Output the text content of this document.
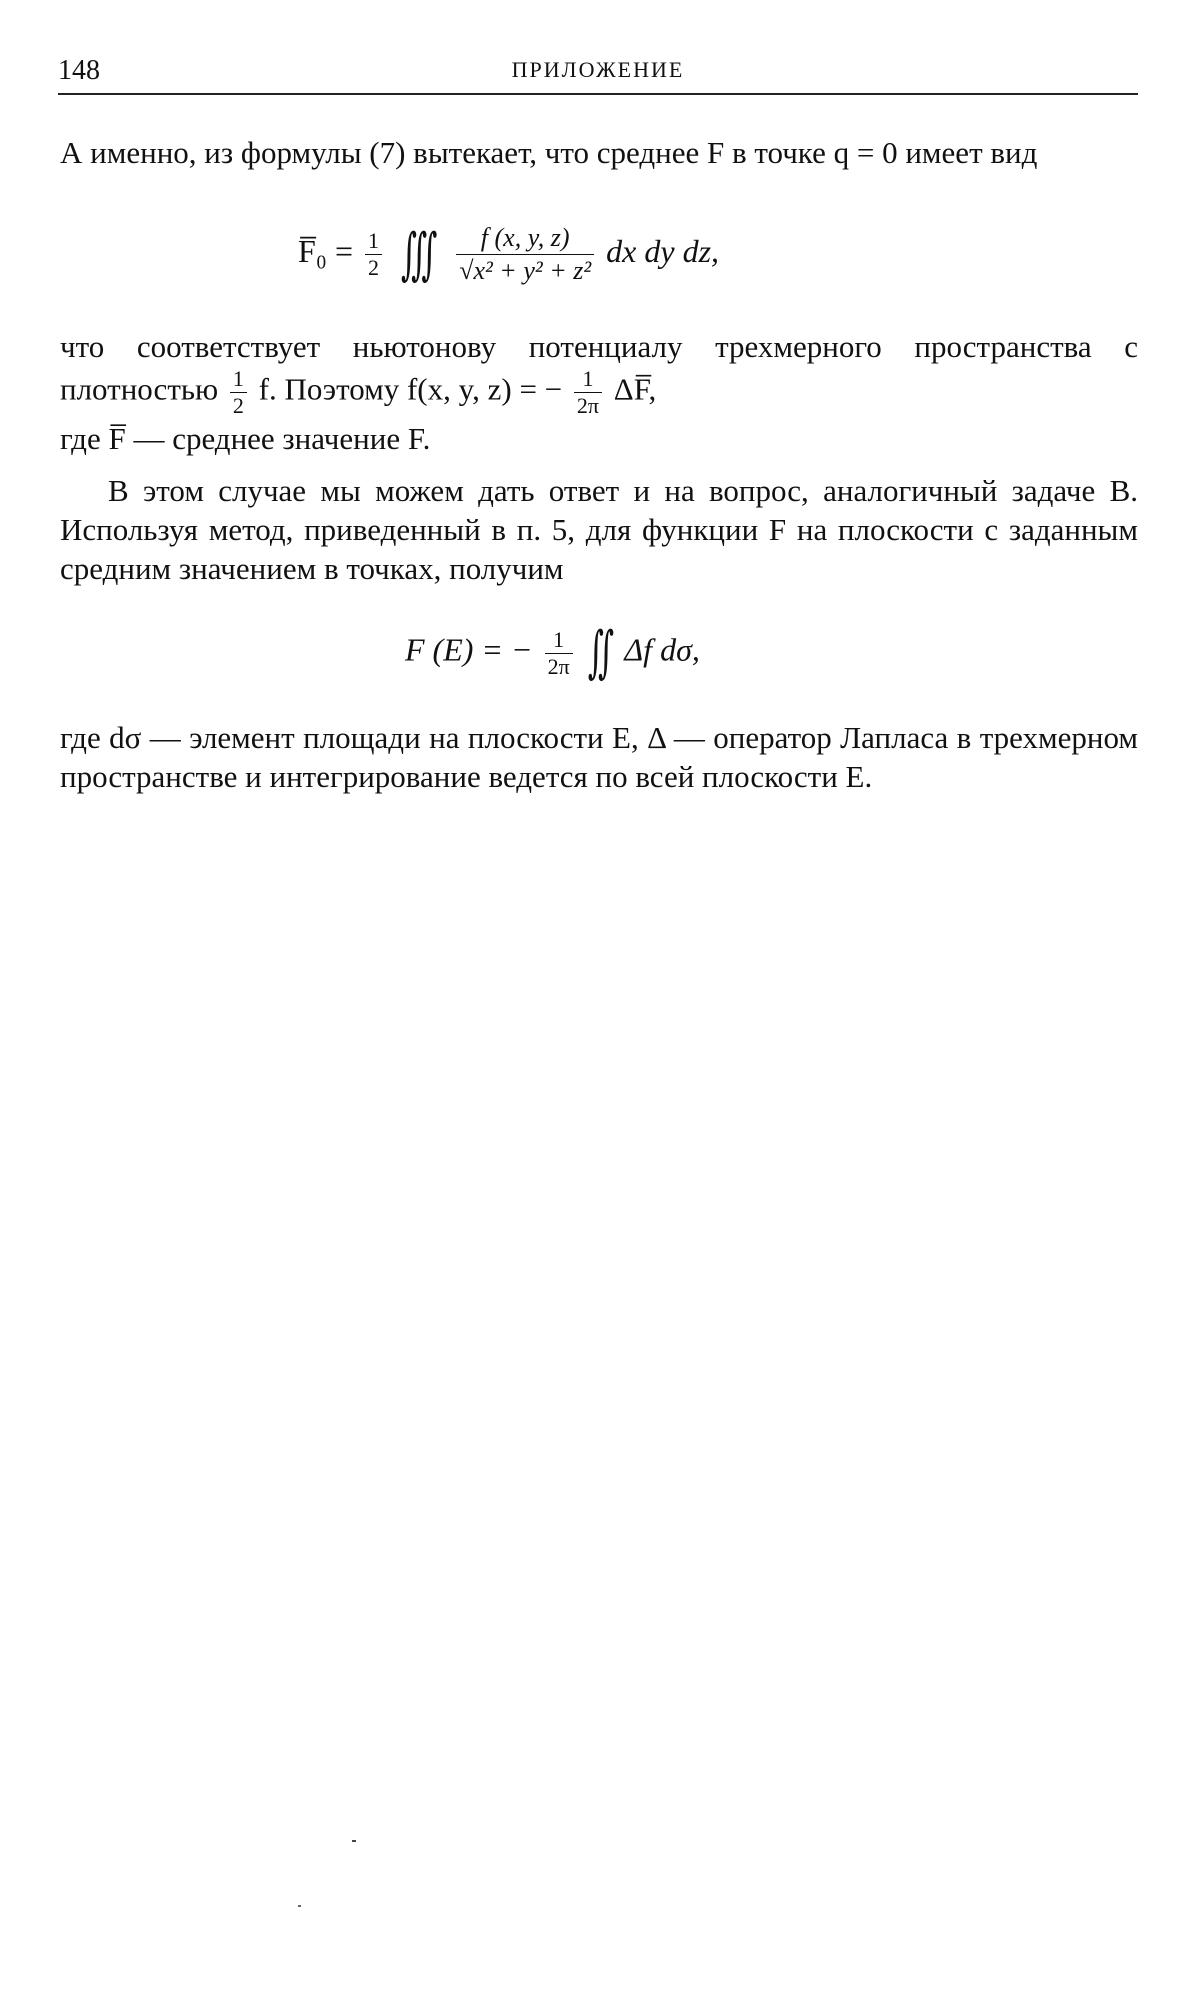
148	ПРИЛОЖЕНИЕ
А именно, из формулы (7) вытекает, что среднее F в точке q = 0 имеет вид
F̅₀ = $\frac{1}{2}$ ∭ $\frac{f (x, y, z)}{\text{√x² + y² + z²}}$ dx dy dz,
что соответствует ньютонову потенциалу трехмерного пространства с плотностью $\frac{1}{2} f$. Поэтому f(x, y, z) = − $\frac{1}{2\pi}$ ΔF̅,
где F̅ — среднее значение F.
В этом случае мы можем дать ответ и на вопрос, аналогичный задаче В. Используя метод, приведенный в п. 5, для функции F на плоскости с заданным средним значением в точках, получим
F (E) = − $\frac{1}{2\pi}$ ∬ Δf dσ,
где dσ — элемент площади на плоскости E, Δ — оператор Лапласа в трехмерном пространстве и интегрирование ведется по всей плоскости E.
